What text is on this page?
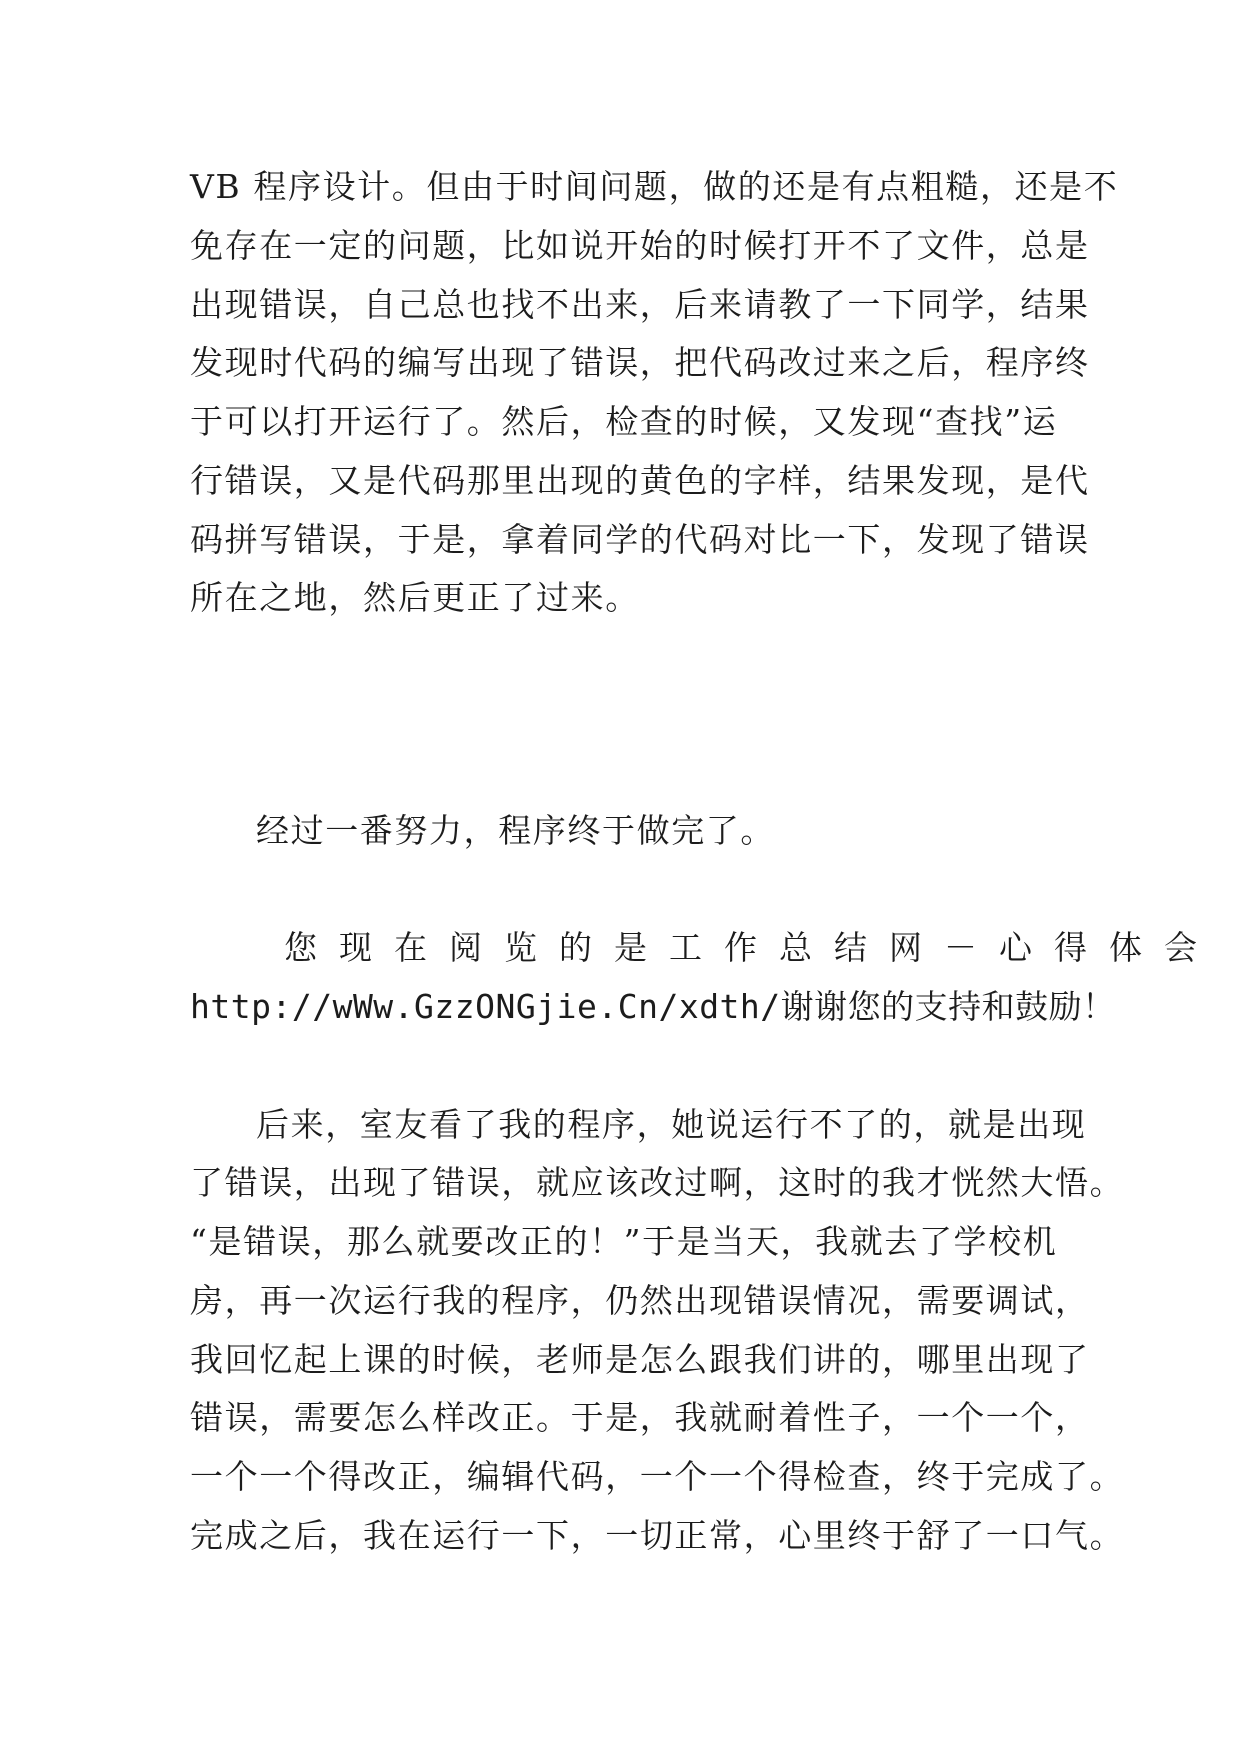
VB 程序设计。但由于时间问题，做的还是有点粗糙，还是不

免存在一定的问题，比如说开始的时候打开不了文件，总是

出现错误，自己总也找不出来，后来请教了一下同学，结果

发现时代码的编写出现了错误，把代码改过来之后，程序终

于可以打开运行了。然后，检查的时候，又发现“查找”运

行错误，又是代码那里出现的黄色的字样，结果发现，是代

码拼写错误，于是，拿着同学的代码对比一下，发现了错误

所在之地，然后更正了过来。

经过一番努力，程序终于做完了。

您现在阅览的是工作总结网－心得体会

http://wWw.GzzONGjie.Cn/xdth/谢谢您的支持和鼓励！

后来，室友看了我的程序，她说运行不了的，就是出现

了错误，出现了错误，就应该改过啊，这时的我才恍然大悟。

“是错误，那么就要改正的！”于是当天，我就去了学校机

房，再一次运行我的程序，仍然出现错误情况，需要调试，

我回忆起上课的时候，老师是怎么跟我们讲的，哪里出现了

错误，需要怎么样改正。于是，我就耐着性子，一个一个，

一个一个得改正，编辑代码，一个一个得检查，终于完成了。

完成之后，我在运行一下，一切正常，心里终于舒了一口气。
